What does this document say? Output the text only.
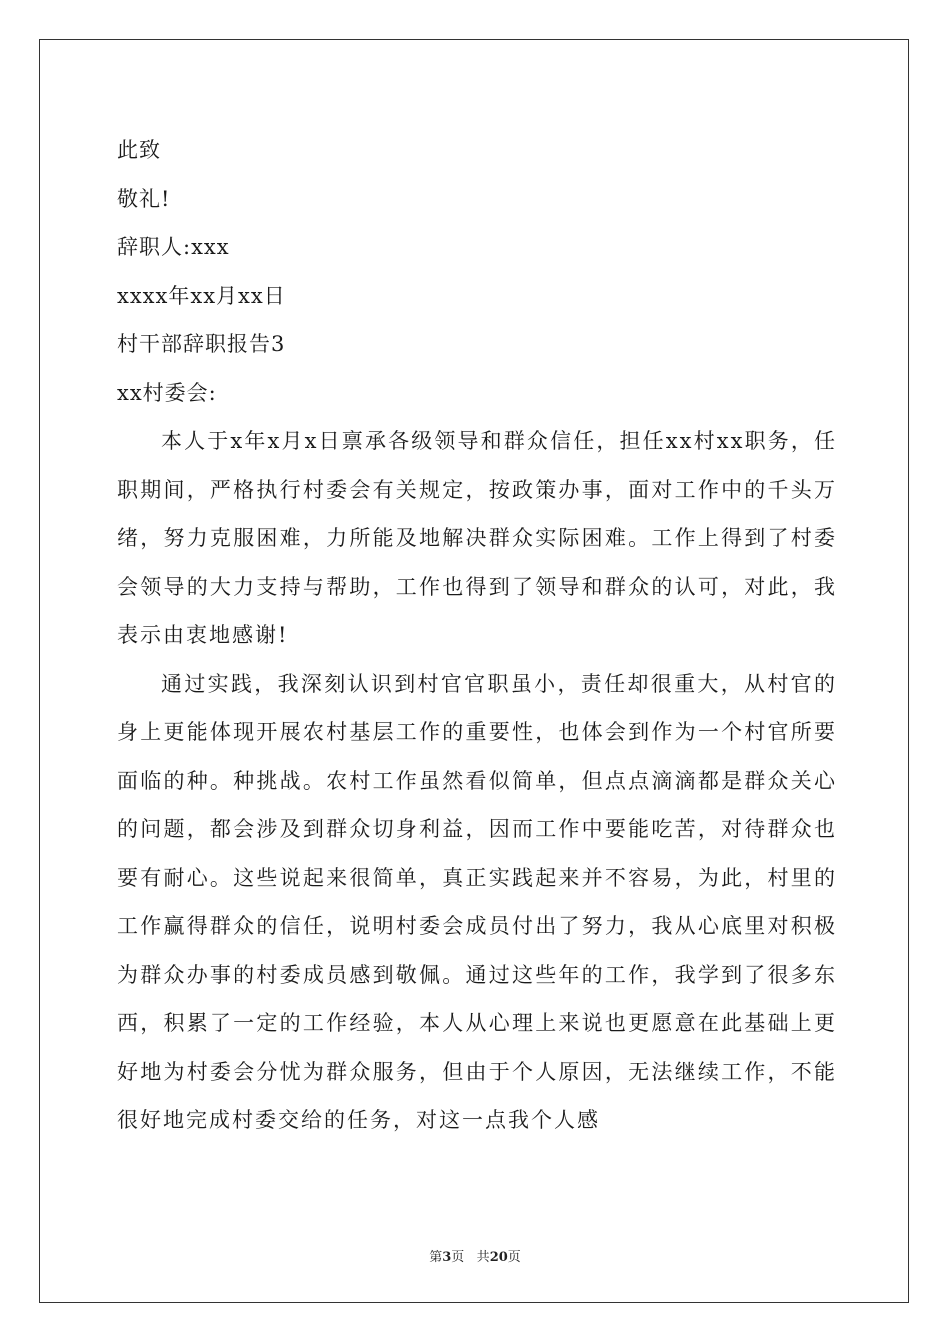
此致
敬礼!
辞职人:xxx
xxxx年xx月xx日
村干部辞职报告3
xx村委会:
本人于x年x月x日禀承各级领导和群众信任，担任xx村xx职务，任职期间，严格执行村委会有关规定，按政策办事，面对工作中的千头万绪，努力克服困难，力所能及地解决群众实际困难。工作上得到了村委会领导的大力支持与帮助，工作也得到了领导和群众的认可，对此，我表示由衷地感谢!
通过实践，我深刻认识到村官官职虽小，责任却很重大，从村官的身上更能体现开展农村基层工作的重要性，也体会到作为一个村官所要面临的种。种挑战。农村工作虽然看似简单，但点点滴滴都是群众关心的问题，都会涉及到群众切身利益，因而工作中要能吃苦，对待群众也要有耐心。这些说起来很简单，真正实践起来并不容易，为此，村里的工作赢得群众的信任，说明村委会成员付出了努力，我从心底里对积极为群众办事的村委成员感到敬佩。通过这些年的工作，我学到了很多东西，积累了一定的工作经验，本人从心理上来说也更愿意在此基础上更好地为村委会分忧为群众服务，但由于个人原因，无法继续工作，不能很好地完成村委交给的任务，对这一点我个人感
第3页 共20页
